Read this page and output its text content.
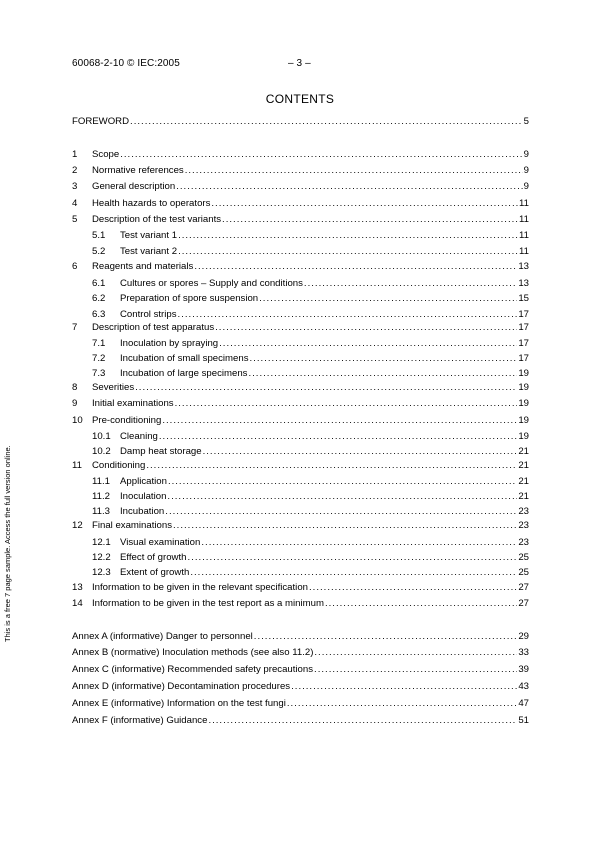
60068-2-10 © IEC:2005	– 3 –
CONTENTS
This is a free 7 page sample. Access the full version online.
FOREWORD .....	5
1	Scope .....	9
2	Normative references .....	9
3	General description .....	9
4	Health hazards to operators .....	11
5	Description of the test variants .....	11
5.1	Test variant 1 .....	11
5.2	Test variant 2 .....	11
6	Reagents and materials .....	13
6.1	Cultures or spores – Supply and conditions .....	13
6.2	Preparation of spore suspension .....	15
6.3	Control strips .....	17
7	Description of test apparatus .....	17
7.1	Inoculation by spraying .....	17
7.2	Incubation of small specimens .....	17
7.3	Incubation of large specimens .....	19
8	Severities .....	19
9	Initial examinations .....	19
10 Pre-conditioning .....	19
10.1 Cleaning .....	19
10.2 Damp heat storage .....	21
11	Conditioning .....	21
11.1	Application .....	21
11.2	Inoculation .....	21
11.3	Incubation .....	23
12 Final examinations .....	23
12.1 Visual examination .....	23
12.2 Effect of growth .....	25
12.3 Extent of growth .....	25
13 Information to be given in the relevant specification .....	27
14 Information to be given in the test report as a minimum .....	27
Annex A (informative) Danger to personnel .....	29
Annex B (normative) Inoculation methods (see also 11.2) .....	33
Annex C (informative) Recommended safety precautions .....	39
Annex D (informative) Decontamination procedures .....	43
Annex E (informative) Information on the test fungi .....	47
Annex F (informative) Guidance .....	51
